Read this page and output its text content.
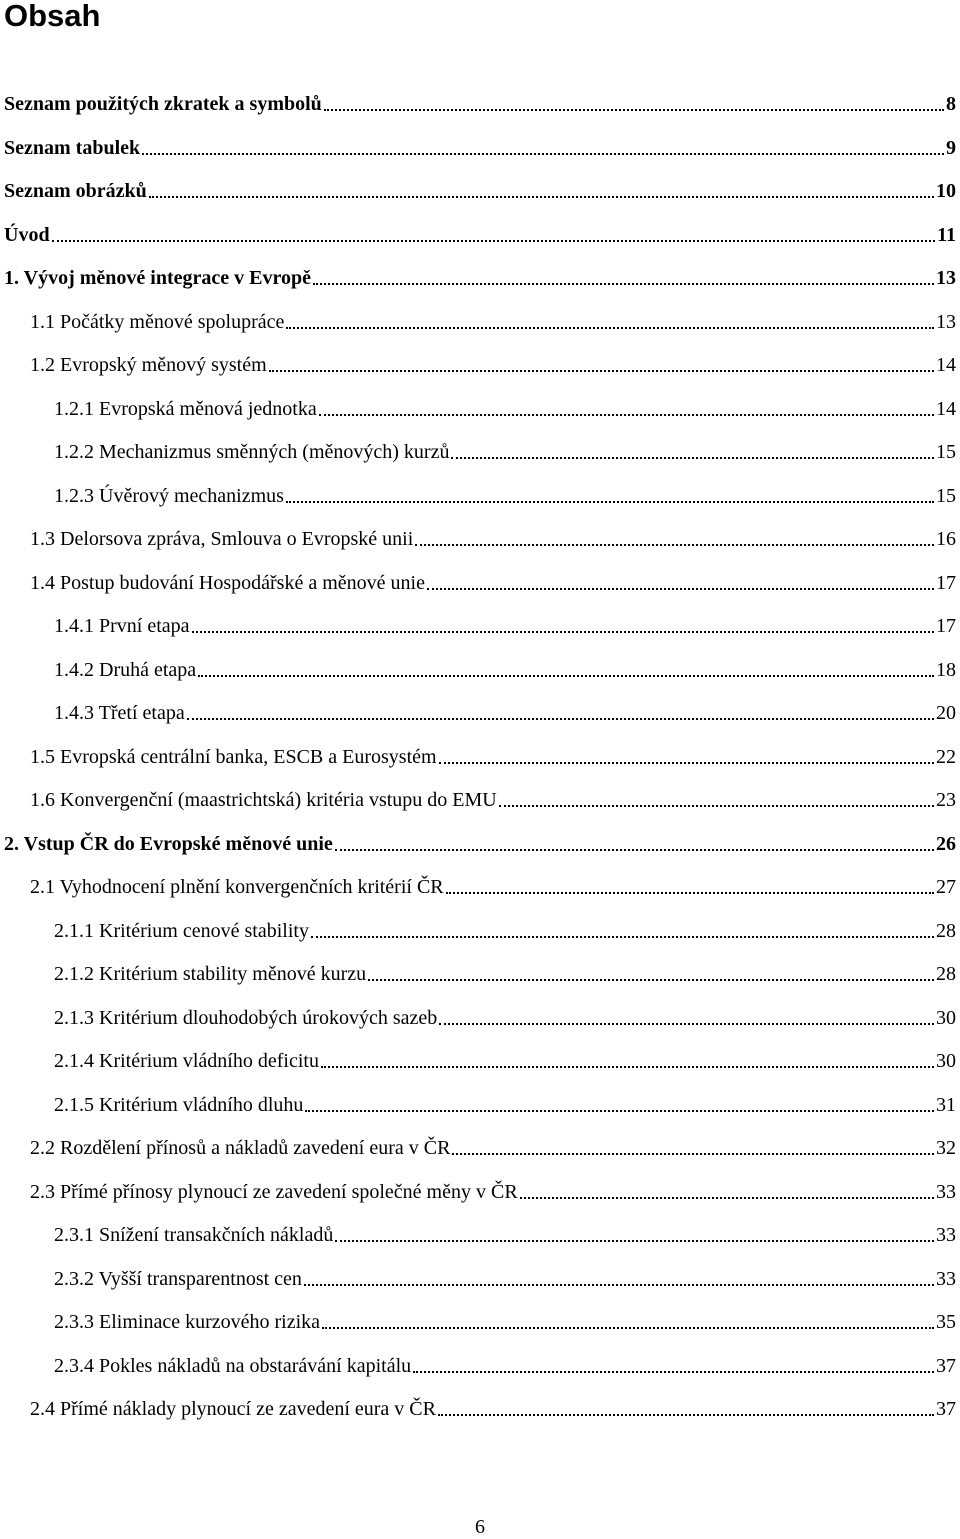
Obsah
Seznam použitých zkratek a symbolů	8
Seznam tabulek	9
Seznam obrázků	10
Úvod	11
1. Vývoj měnové integrace v Evropě	13
1.1 Počátky měnové spolupráce	13
1.2 Evropský měnový systém	14
1.2.1 Evropská měnová jednotka	14
1.2.2 Mechanizmus směnných (měnových) kurzů	15
1.2.3 Úvěrový mechanizmus	15
1.3 Delorsova zpráva, Smlouva o Evropské unii	16
1.4 Postup budování Hospodářské a měnové unie	17
1.4.1 První etapa	17
1.4.2 Druhá etapa	18
1.4.3 Třetí etapa	20
1.5 Evropská centrální banka, ESCB a Eurosystém	22
1.6 Konvergenční (maastrichtská) kritéria vstupu do EMU	23
2. Vstup ČR do Evropské měnové unie	26
2.1 Vyhodnocení plnění konvergenčních kritérií ČR	27
2.1.1 Kritérium cenové stability	28
2.1.2 Kritérium stability měnové kurzu	28
2.1.3 Kritérium dlouhodobých úrokových sazeb	30
2.1.4 Kritérium vládního deficitu	30
2.1.5 Kritérium vládního dluhu	31
2.2 Rozdělení přínosů a nákladů zavedení eura v ČR	32
2.3 Přímé přínosy plynoucí ze zavedení společné měny v ČR	33
2.3.1 Snížení transakčních nákladů	33
2.3.2 Vyšší transparentnost cen	33
2.3.3 Eliminace kurzového rizika	35
2.3.4 Pokles nákladů na obstarávání kapitálu	37
2.4 Přímé náklady plynoucí ze zavedení eura v ČR	37
6
